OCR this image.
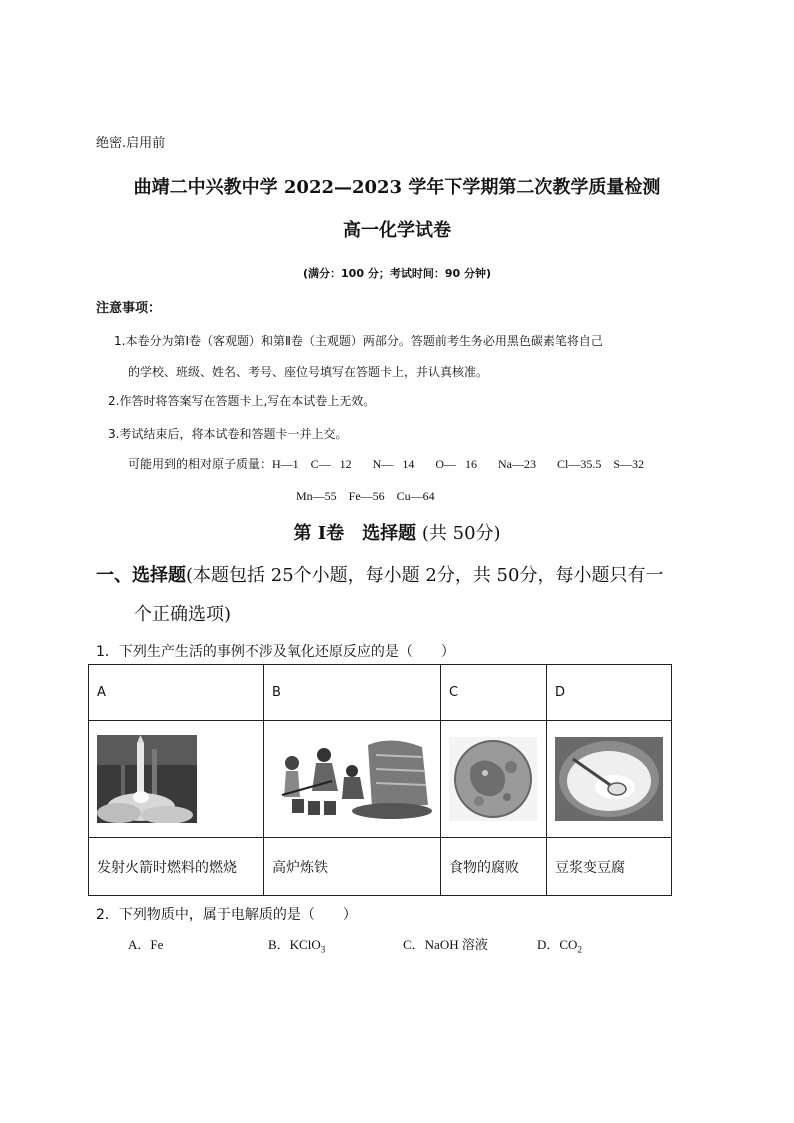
绝密.启用前
曲靖二中兴教中学 2022—2023 学年下学期第二次教学质量检测
高一化学试卷
(满分：100 分；考试时间：90 分钟)
注意事项：
1.本卷分为第Ⅰ卷（客观题）和第Ⅱ卷（主观题）两部分。答题前考生务必用黑色碳素笔将自己
的学校、班级、姓名、考号、座位号填写在答题卡上，并认真核准。
2.作答时将答案写在答题卡上,写在本试卷上无效。
3.考试结束后，将本试卷和答题卡一并上交。
可能用到的相对原子质量：H—1　C— 12　 N— 14　 O— 16　 Na—23　 Cl—35.5　S—32
Mn—55　Fe—56　Cu—64
第 Ⅰ卷　选择题 (共 50分)
一、选择题(本题包括 25个小题，每小题 2分，共 50分，每小题只有一
个正确选项)
1．下列生产生活的事例不涉及氧化还原反应的是（　　）
A	B	C	D

发射火箭时燃料的燃烧	高炉炼铁	食物的腐败	豆浆变豆腐
2．下列物质中，属于电解质的是（　　）
A．Fe	B．KClO$_3$	C．NaOH 溶液	D．$CO_2$
